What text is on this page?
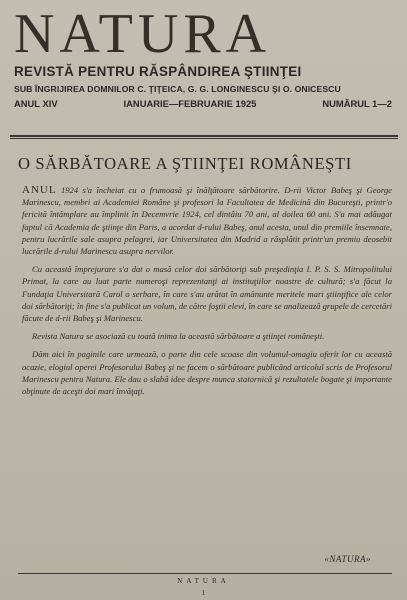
NATURA
REVISTĂ PENTRU RĂSPÂNDIREA ŞTIINŢEI
SUB ÎNGRIJIREA DOMNILOR C. ŢIŢEICA, G. G. LONGINESCU ŞI O. ONICESCU
ANUL XIV	IANUARIE—FEBRUARIE 1925	NUMĂRUL 1—2
O SĂRBĂTOARE A ŞTIINŢEI ROMÂNEŞTI

ANUL 1924 s'a încheiat cu o frumoasă şi înălţătoare sărbătorire. D-rii Victor Babeş şi George Marinescu, membri ai Academiei Române şi profesori la Facultatea de Medicină din Bucureşti, printr'o fericită întâmplare au împlinit în Decemvrie 1924, cel dintâiu 70 ani, al doilea 60 ani. S'a mai adăugat faptul că Academia de ştiinţe din Paris, a acordat d-rului Babeş, anul acesta, unul din premiile însemnate, pentru lucrările sale asupra pelagrei, iar Universitatea din Madrid a răsplătit printr'un premiu deosebit lucrările d-rului Marinescu asupra nervilor.

Cu această împrejurare s'a dat o masă celor doi sărbătoriţi sub preşedinţia I. P. S. S. Mitropolitului Primat, la care au luat parte numeroşi reprezentanţi ai instituţiilor noastre de cultură; s'a făcut la Fundaţia Universitară Carol o serbare, în care s'au arătat în amănunte meritele mari ştiinţifice ale celor doi sărbătoriţi; în fine s'a publicat un volum, de către foştii elevi, în care se analizează grupele de cercetări făcute de d-rii Babeş şi Marinescu.

Revista Natura se asociază cu toată inima la această sărbătoare a ştiinţei româneşti.

Dăm aici în paginile care urmează, o parte din cele scoase din volumul-omagiu oferit lor cu această ocazie, elogiul operei Profesorului Babeş şi ne facem o sărbătoare publicând articolul scris de Profesorul Marinescu pentru Natura. Ele dau o slabă idee despre munca statornică şi rezultatele bogate şi importante obţinute de aceşti doi mari învăţaţi.

«NATURA»
NATURA
1
